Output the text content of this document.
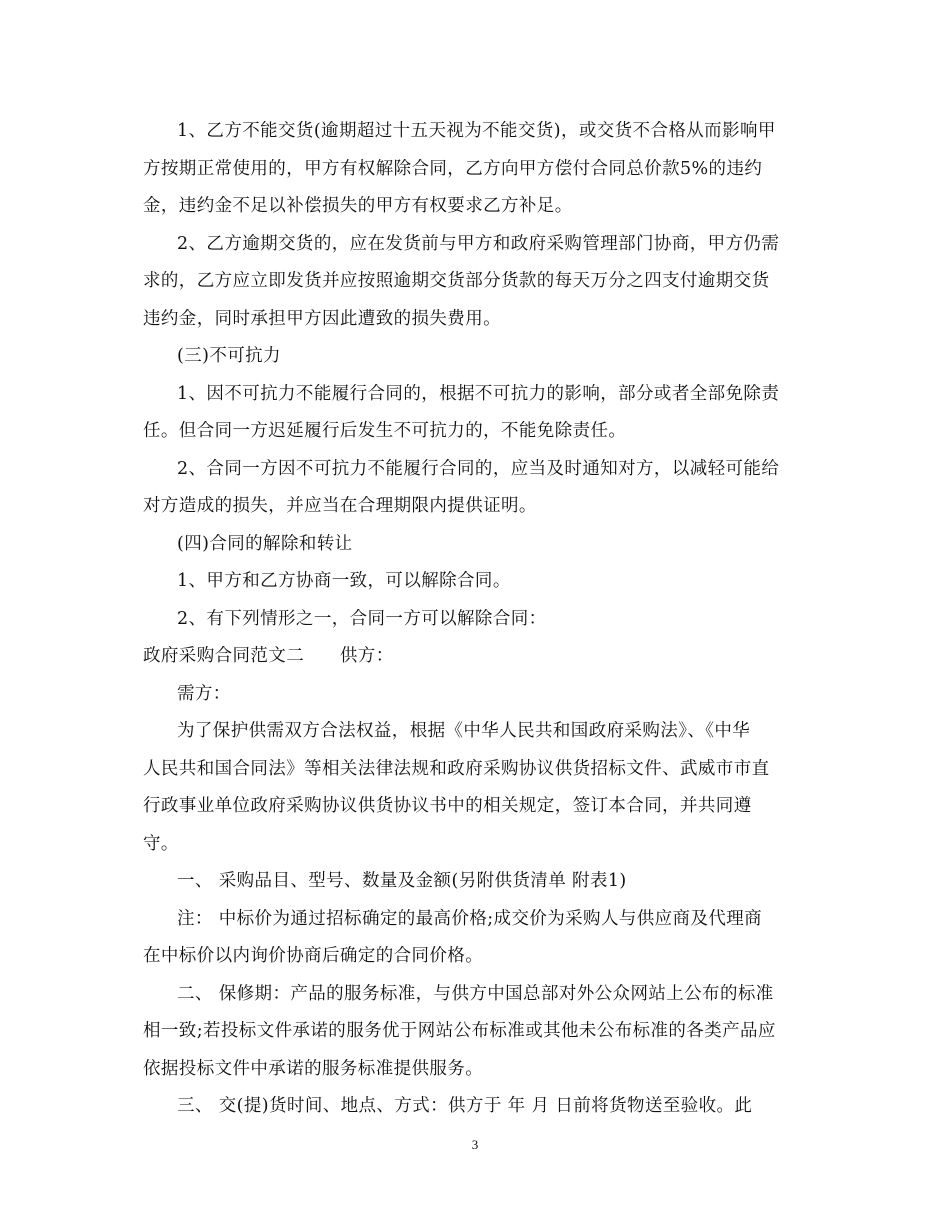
1、乙方不能交货(逾期超过十五天视为不能交货)，或交货不合格从而影响甲
方按期正常使用的，甲方有权解除合同，乙方向甲方偿付合同总价款5%的违约
金，违约金不足以补偿损失的甲方有权要求乙方补足。
2、乙方逾期交货的，应在发货前与甲方和政府采购管理部门协商，甲方仍需
求的，乙方应立即发货并应按照逾期交货部分货款的每天万分之四支付逾期交货
违约金，同时承担甲方因此遭致的损失费用。
(三)不可抗力
1、因不可抗力不能履行合同的，根据不可抗力的影响，部分或者全部免除责
任。但合同一方迟延履行后发生不可抗力的，不能免除责任。
2、合同一方因不可抗力不能履行合同的，应当及时通知对方，以减轻可能给
对方造成的损失，并应当在合理期限内提供证明。
(四)合同的解除和转让
1、甲方和乙方协商一致，可以解除合同。
2、有下列情形之一，合同一方可以解除合同：
政府采购合同范文二　　供方：
需方：
为了保护供需双方合法权益，根据《中华人民共和国政府采购法》、《中华
人民共和国合同法》等相关法律法规和政府采购协议供货招标文件、武威市市直
行政事业单位政府采购协议供货协议书中的相关规定，签订本合同，并共同遵
守。
一、 采购品目、型号、数量及金额(另附供货清单 附表1)
注： 中标价为通过招标确定的最高价格;成交价为采购人与供应商及代理商
在中标价以内询价协商后确定的合同价格。
二、 保修期：产品的服务标准，与供方中国总部对外公众网站上公布的标准
相一致;若投标文件承诺的服务优于网站公布标准或其他未公布标准的各类产品应
依据投标文件中承诺的服务标准提供服务。
三、 交(提)货时间、地点、方式：供方于 年 月 日前将货物送至验收。此
3
